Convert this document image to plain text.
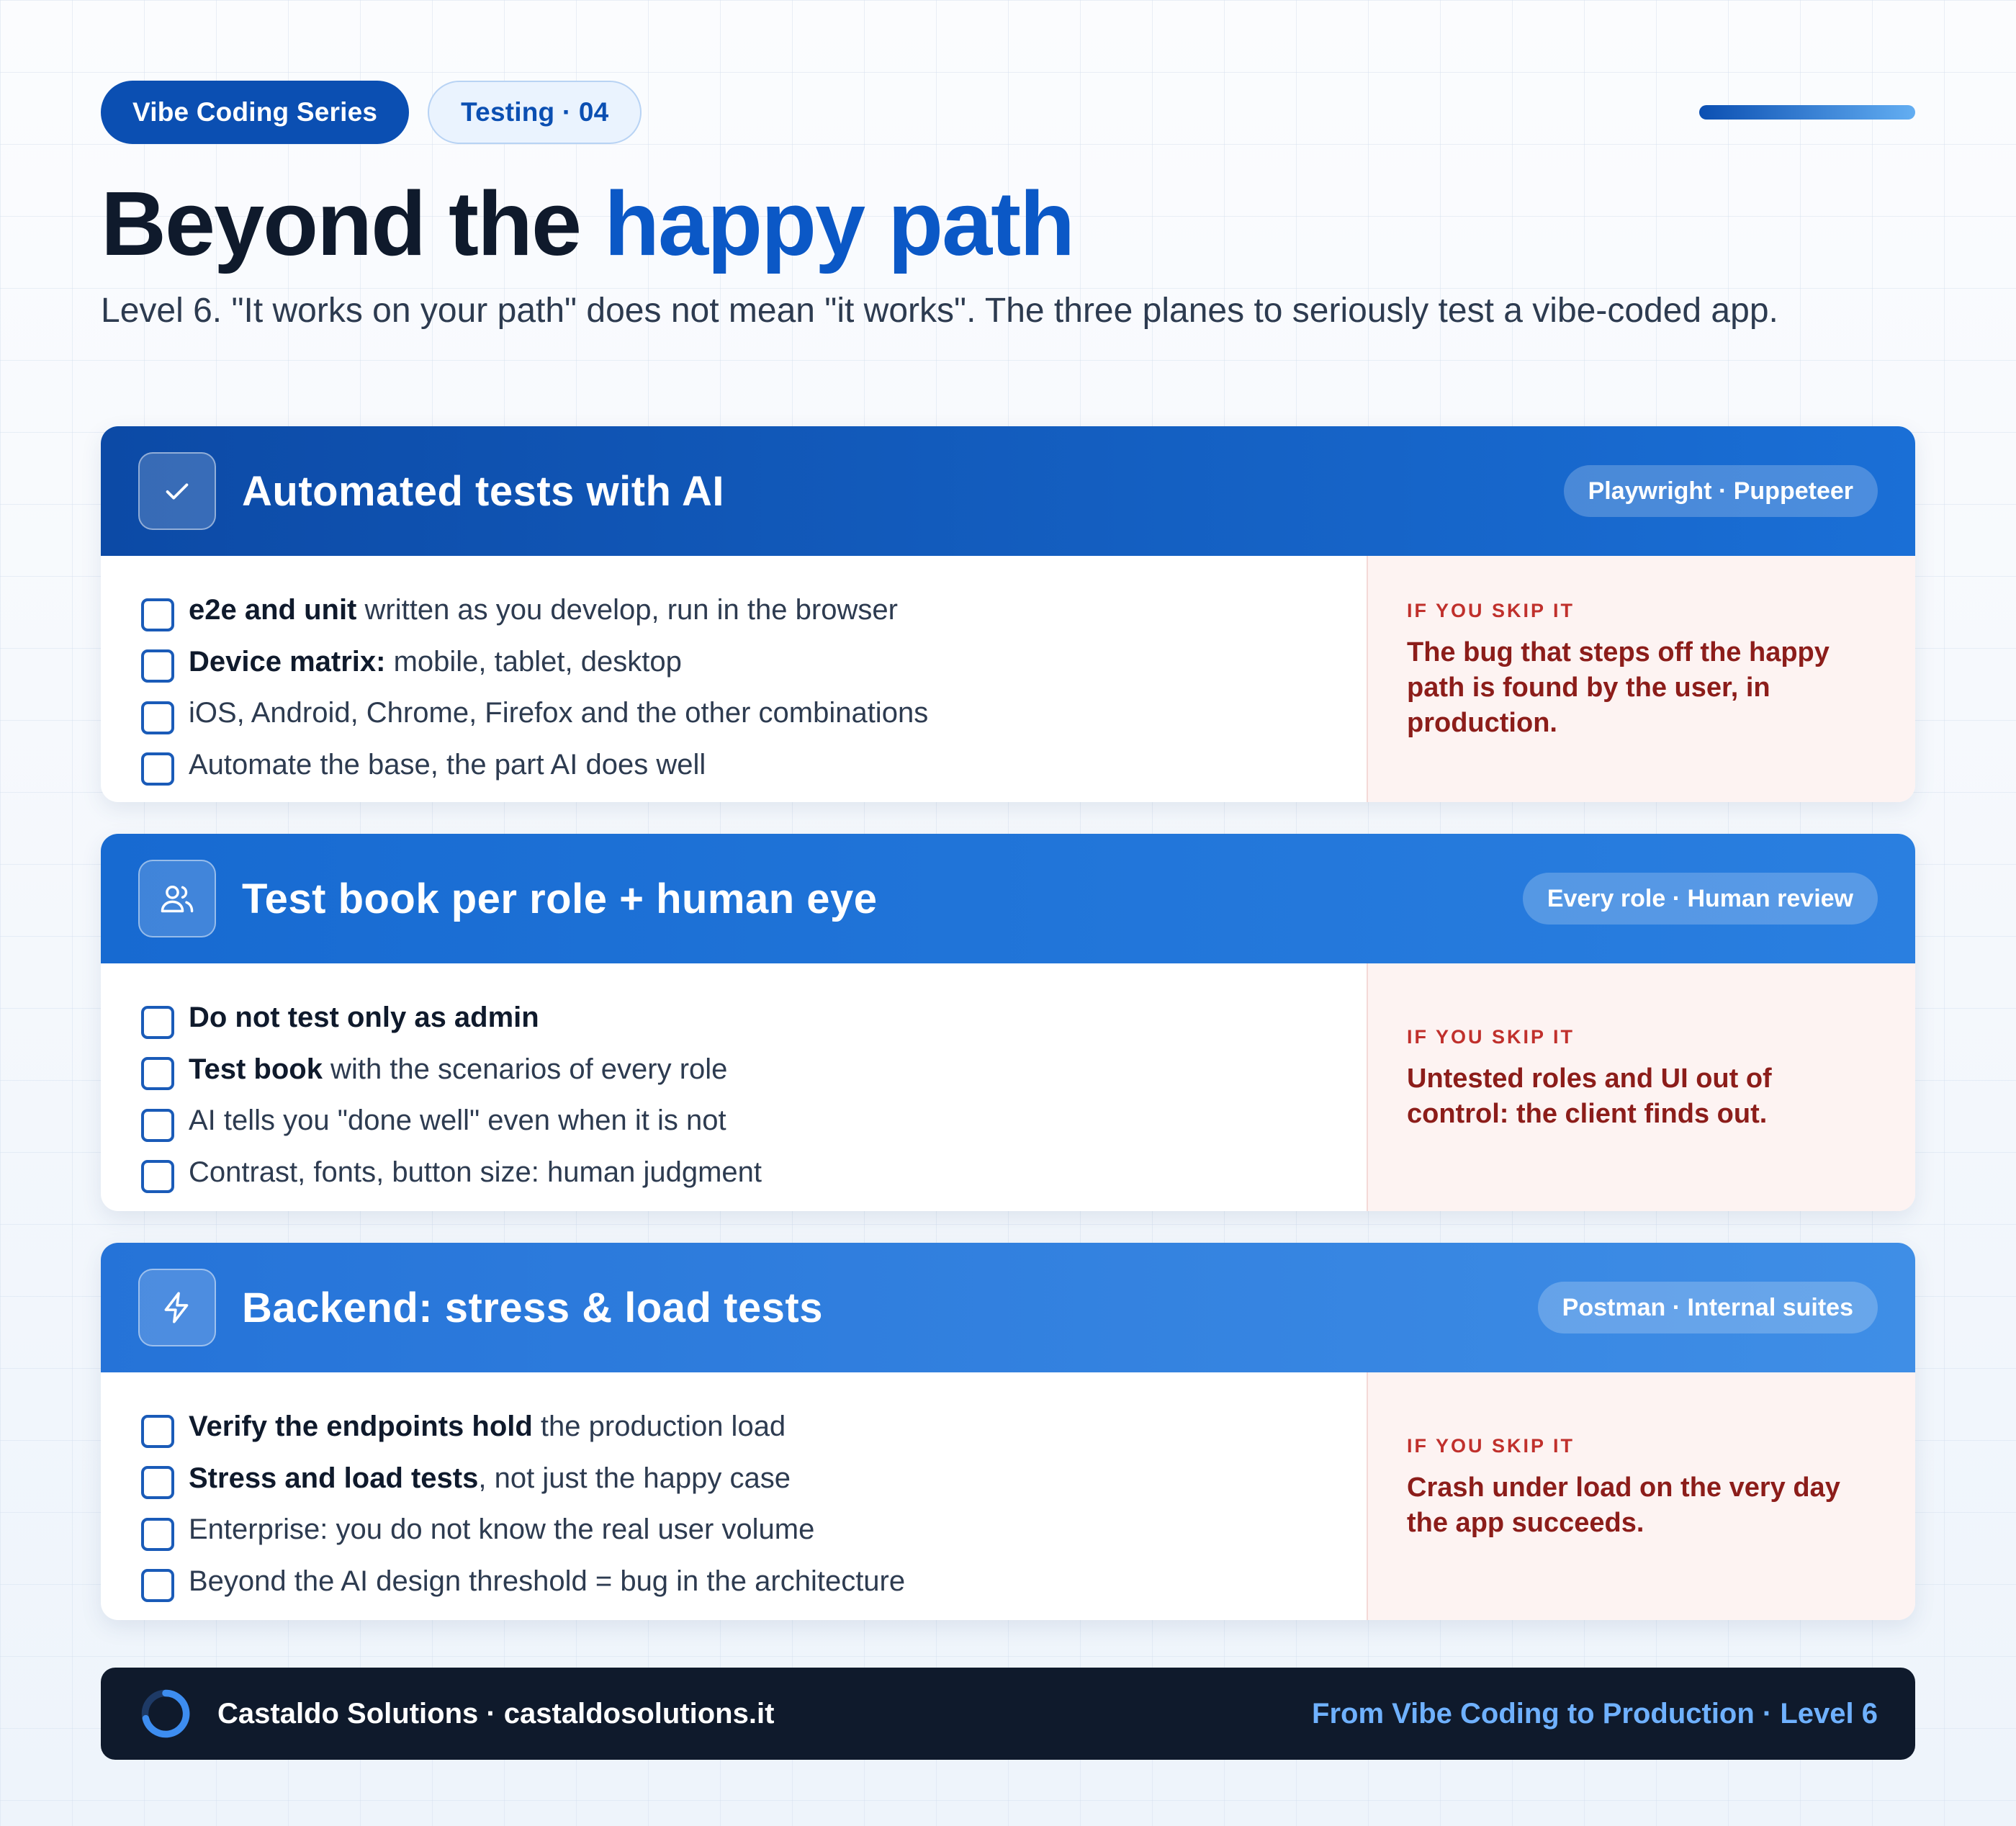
Vibe Coding Series	Testing · 04
Beyond the happy path

Level 6. "It works on your path" does not mean "it works". The three planes to seriously test a vibe-coded app.

Automated tests with AI	Playwright · Puppeteer
e2e and unit written as you develop, run in the browser
Device matrix: mobile, tablet, desktop
iOS, Android, Chrome, Firefox and the other combinations
Automate the base, the part AI does well
IF YOU SKIP IT
The bug that steps off the happy path is found by the user, in production.
Test book per role + human eye	Every role · Human review
Do not test only as admin
Test book with the scenarios of every role
AI tells you "done well" even when it is not
Contrast, fonts, button size: human judgment
IF YOU SKIP IT
Untested roles and UI out of control: the client finds out.
Backend: stress & load tests	Postman · Internal suites
Verify the endpoints hold the production load
Stress and load tests, not just the happy case
Enterprise: you do not know the real user volume
Beyond the AI design threshold = bug in the architecture
IF YOU SKIP IT
Crash under load on the very day the app succeeds.
Castaldo Solutions · castaldosolutions.it	From Vibe Coding to Production · Level 6
